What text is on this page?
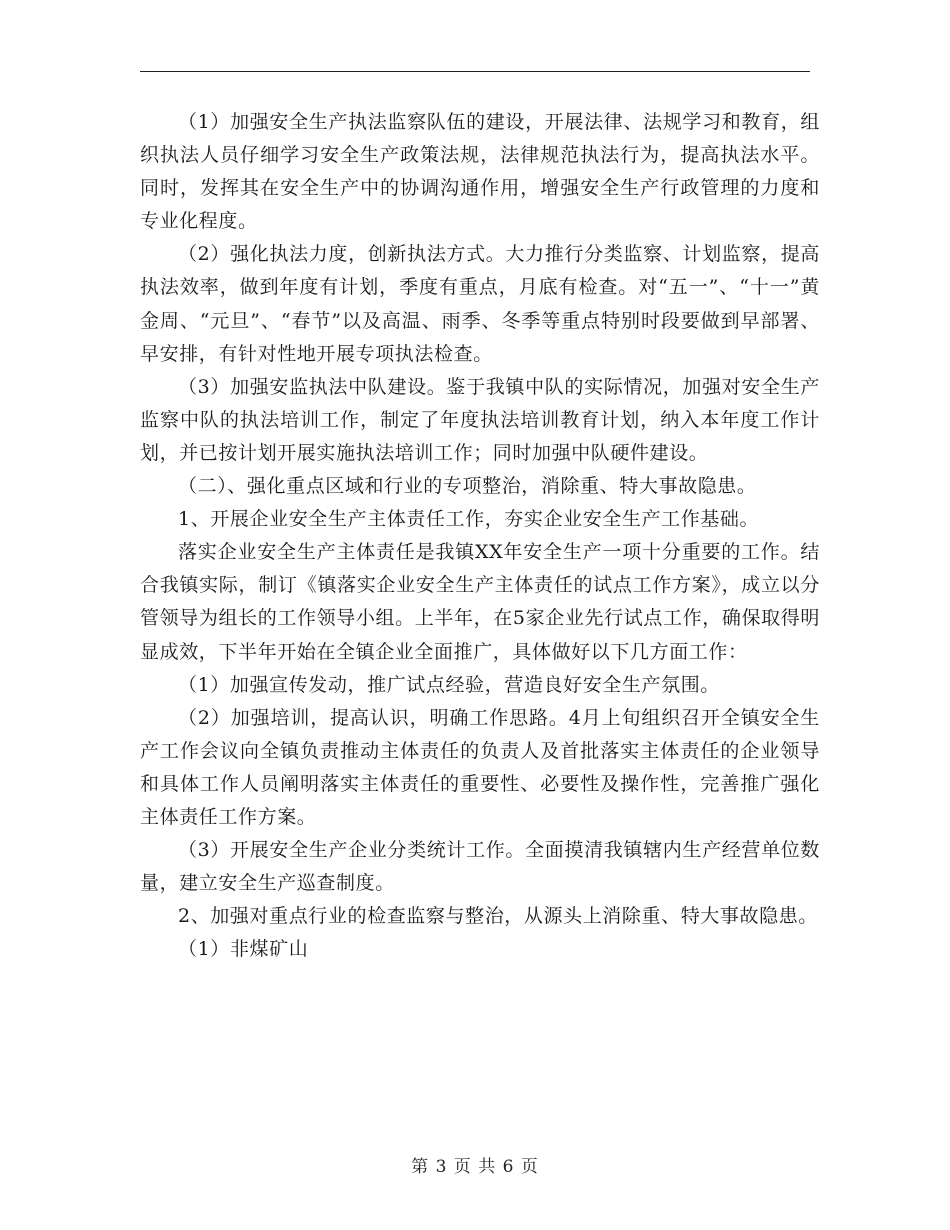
（1）加强安全生产执法监察队伍的建设，开展法律、法规学习和教育，组织执法人员仔细学习安全生产政策法规，法律规范执法行为，提高执法水平。同时，发挥其在安全生产中的协调沟通作用，增强安全生产行政管理的力度和专业化程度。

（2）强化执法力度，创新执法方式。大力推行分类监察、计划监察，提高执法效率，做到年度有计划，季度有重点，月底有检查。对“五一”、“十一”黄金周、“元旦”、“春节”以及高温、雨季、冬季等重点特别时段要做到早部署、早安排，有针对性地开展专项执法检查。

（3）加强安监执法中队建设。鉴于我镇中队的实际情况，加强对安全生产监察中队的执法培训工作，制定了年度执法培训教育计划，纳入本年度工作计划，并已按计划开展实施执法培训工作；同时加强中队硬件建设。

（二）、强化重点区域和行业的专项整治，消除重、特大事故隐患。

1、开展企业安全生产主体责任工作，夯实企业安全生产工作基础。

落实企业安全生产主体责任是我镇XX年安全生产一项十分重要的工作。结合我镇实际，制订《镇落实企业安全生产主体责任的试点工作方案》，成立以分管领导为组长的工作领导小组。上半年，在5家企业先行试点工作，确保取得明显成效，下半年开始在全镇企业全面推广，具体做好以下几方面工作：

（1）加强宣传发动，推广试点经验，营造良好安全生产氛围。

（2）加强培训，提高认识，明确工作思路。4月上旬组织召开全镇安全生产工作会议向全镇负责推动主体责任的负责人及首批落实主体责任的企业领导和具体工作人员阐明落实主体责任的重要性、必要性及操作性，完善推广强化主体责任工作方案。

（3）开展安全生产企业分类统计工作。全面摸清我镇辖内生产经营单位数量，建立安全生产巡查制度。

2、加强对重点行业的检查监察与整治，从源头上消除重、特大事故隐患。

（1）非煤矿山

第 3 页 共 6 页
